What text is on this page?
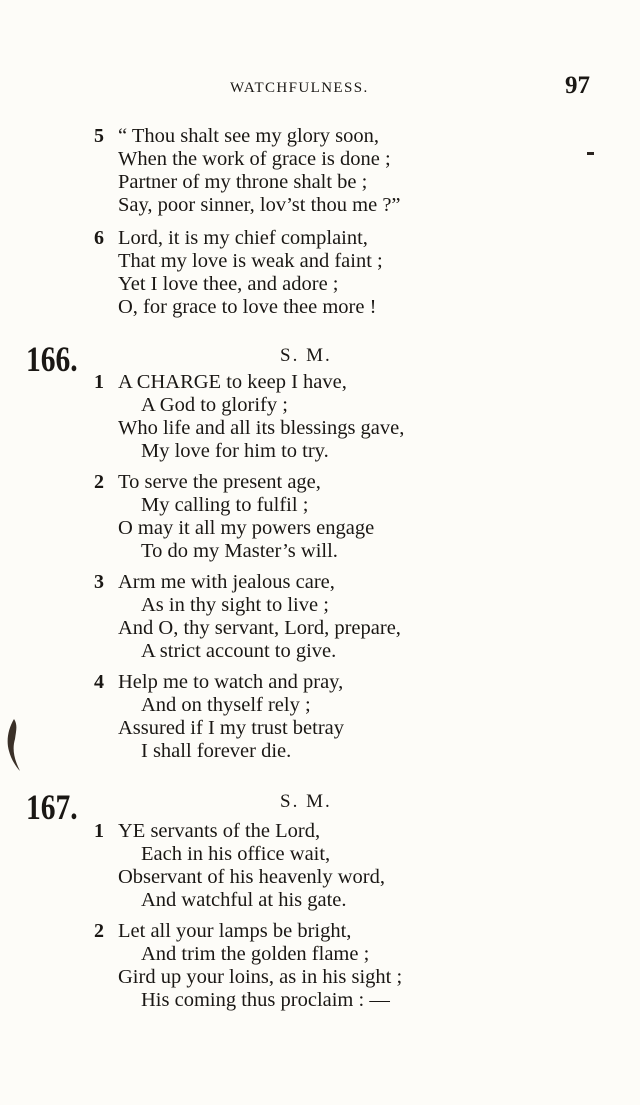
WATCHFULNESS.	97
5 “ Thou shalt see my glory soon,
When the work of grace is done ;
Partner of my throne shalt be ;
Say, poor sinner, lov’st thou me ?”
6 Lord, it is my chief complaint,
That my love is weak and faint ;
Yet I love thee, and adore ;
O, for grace to love thee more !
166.	S. M.
1 A CHARGE to keep I have,
A God to glorify ;
Who life and all its blessings gave,
My love for him to try.
2 To serve the present age,
My calling to fulfil ;
O may it all my powers engage
To do my Master’s will.
3 Arm me with jealous care,
As in thy sight to live ;
And O, thy servant, Lord, prepare,
A strict account to give.
4 Help me to watch and pray,
And on thyself rely ;
Assured if I my trust betray
I shall forever die.
167.	S. M.
1 YE servants of the Lord,
Each in his office wait,
Observant of his heavenly word,
And watchful at his gate.
2 Let all your lamps be bright,
And trim the golden flame ;
Gird up your loins, as in his sight ;
His coming thus proclaim : —
